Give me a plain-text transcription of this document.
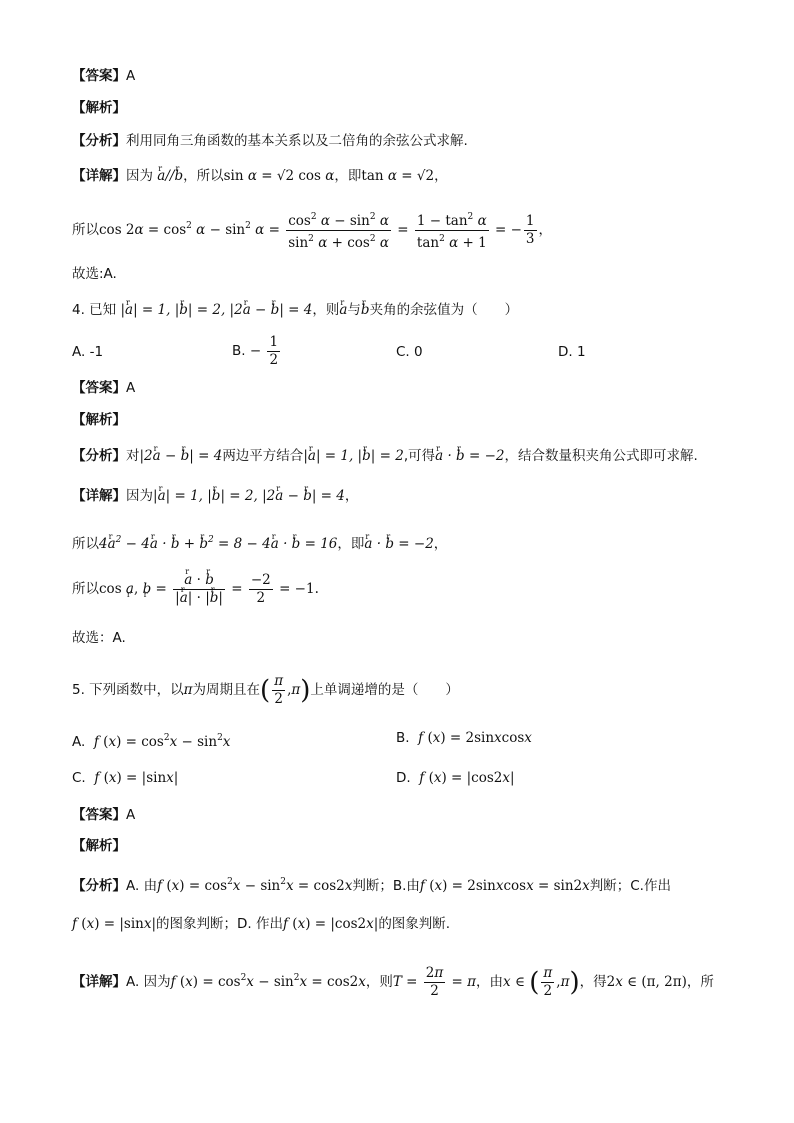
【答案】A
【解析】
【分析】利用同角三角函数的基本关系以及二倍角的余弦公式求解.
【详解】因为 r a//r b，所以sin α = √2 cos α，即tan α = √2，
所以$\cos 2\alpha = \cos^2 \alpha - \sin^2 \alpha = \frac{\cos^2 \alpha - \sin^2 \alpha}{\sin^2 \alpha + \cos^2 \alpha} = \frac{1 - \tan^2 \alpha}{\tan^2 \alpha + 1}$ = − $\frac{1}{3}$ ，
故选:A.
4. 已知 |r a| = 1, |r b| = 2, |2r a − r b| = 4，则r a与r b夹角的余弦值为（　　）
A. -1	B. − $\frac{1}{2}$	C. 0	D. 1
【答案】A
【解析】
【分析】对|2r a − r b| = 4两边平方结合|r a| = 1, |r b| = 2,可得r a · r b = −2，结合数量积夹角公式即可求解.
【详解】因为|r a| = 1, |r b| = 2, |2r a − r b| = 4，
所以4r $a^2 - 4r$ a · r b + r $b^2 = 8 - 4r$ a · r b = 16，即r a · r b = −2，
所以cos r a, r b = r $\frac{\text{a · r b}}{\text{|r a| · |r b|}} = \frac{-2}{2} = -1$.
故选：A.
5. 下列函数中，以π为周期且在( $\frac{\pi}{2} ,\pi$)上单调递增的是（　　）
A. f $(x) = \cos^2x - \sin^2x$	B. f (x) = 2sinxcosx
C. f (x) = |sinx|	D. f (x) = |cos2x|
【答案】A
【解析】
【分析】A. 由f $(x) = \cos^2x - \sin^2x = \cos 2x$判断；B.由f (x) = 2sinxcosx = sin2x判断；C.作出
f (x) = |sinx|的图象判断；D. 作出f (x) = |cos2x|的图象判断.
【详解】A. 因为f $(x) = \cos^2x - \sin^2x = \cos 2x$，则$T = \frac{2\pi}{2} = \pi$，由x ∈ ( $\frac{\pi}{2} ,\pi$)，得2x ∈ (π, 2π)，所
